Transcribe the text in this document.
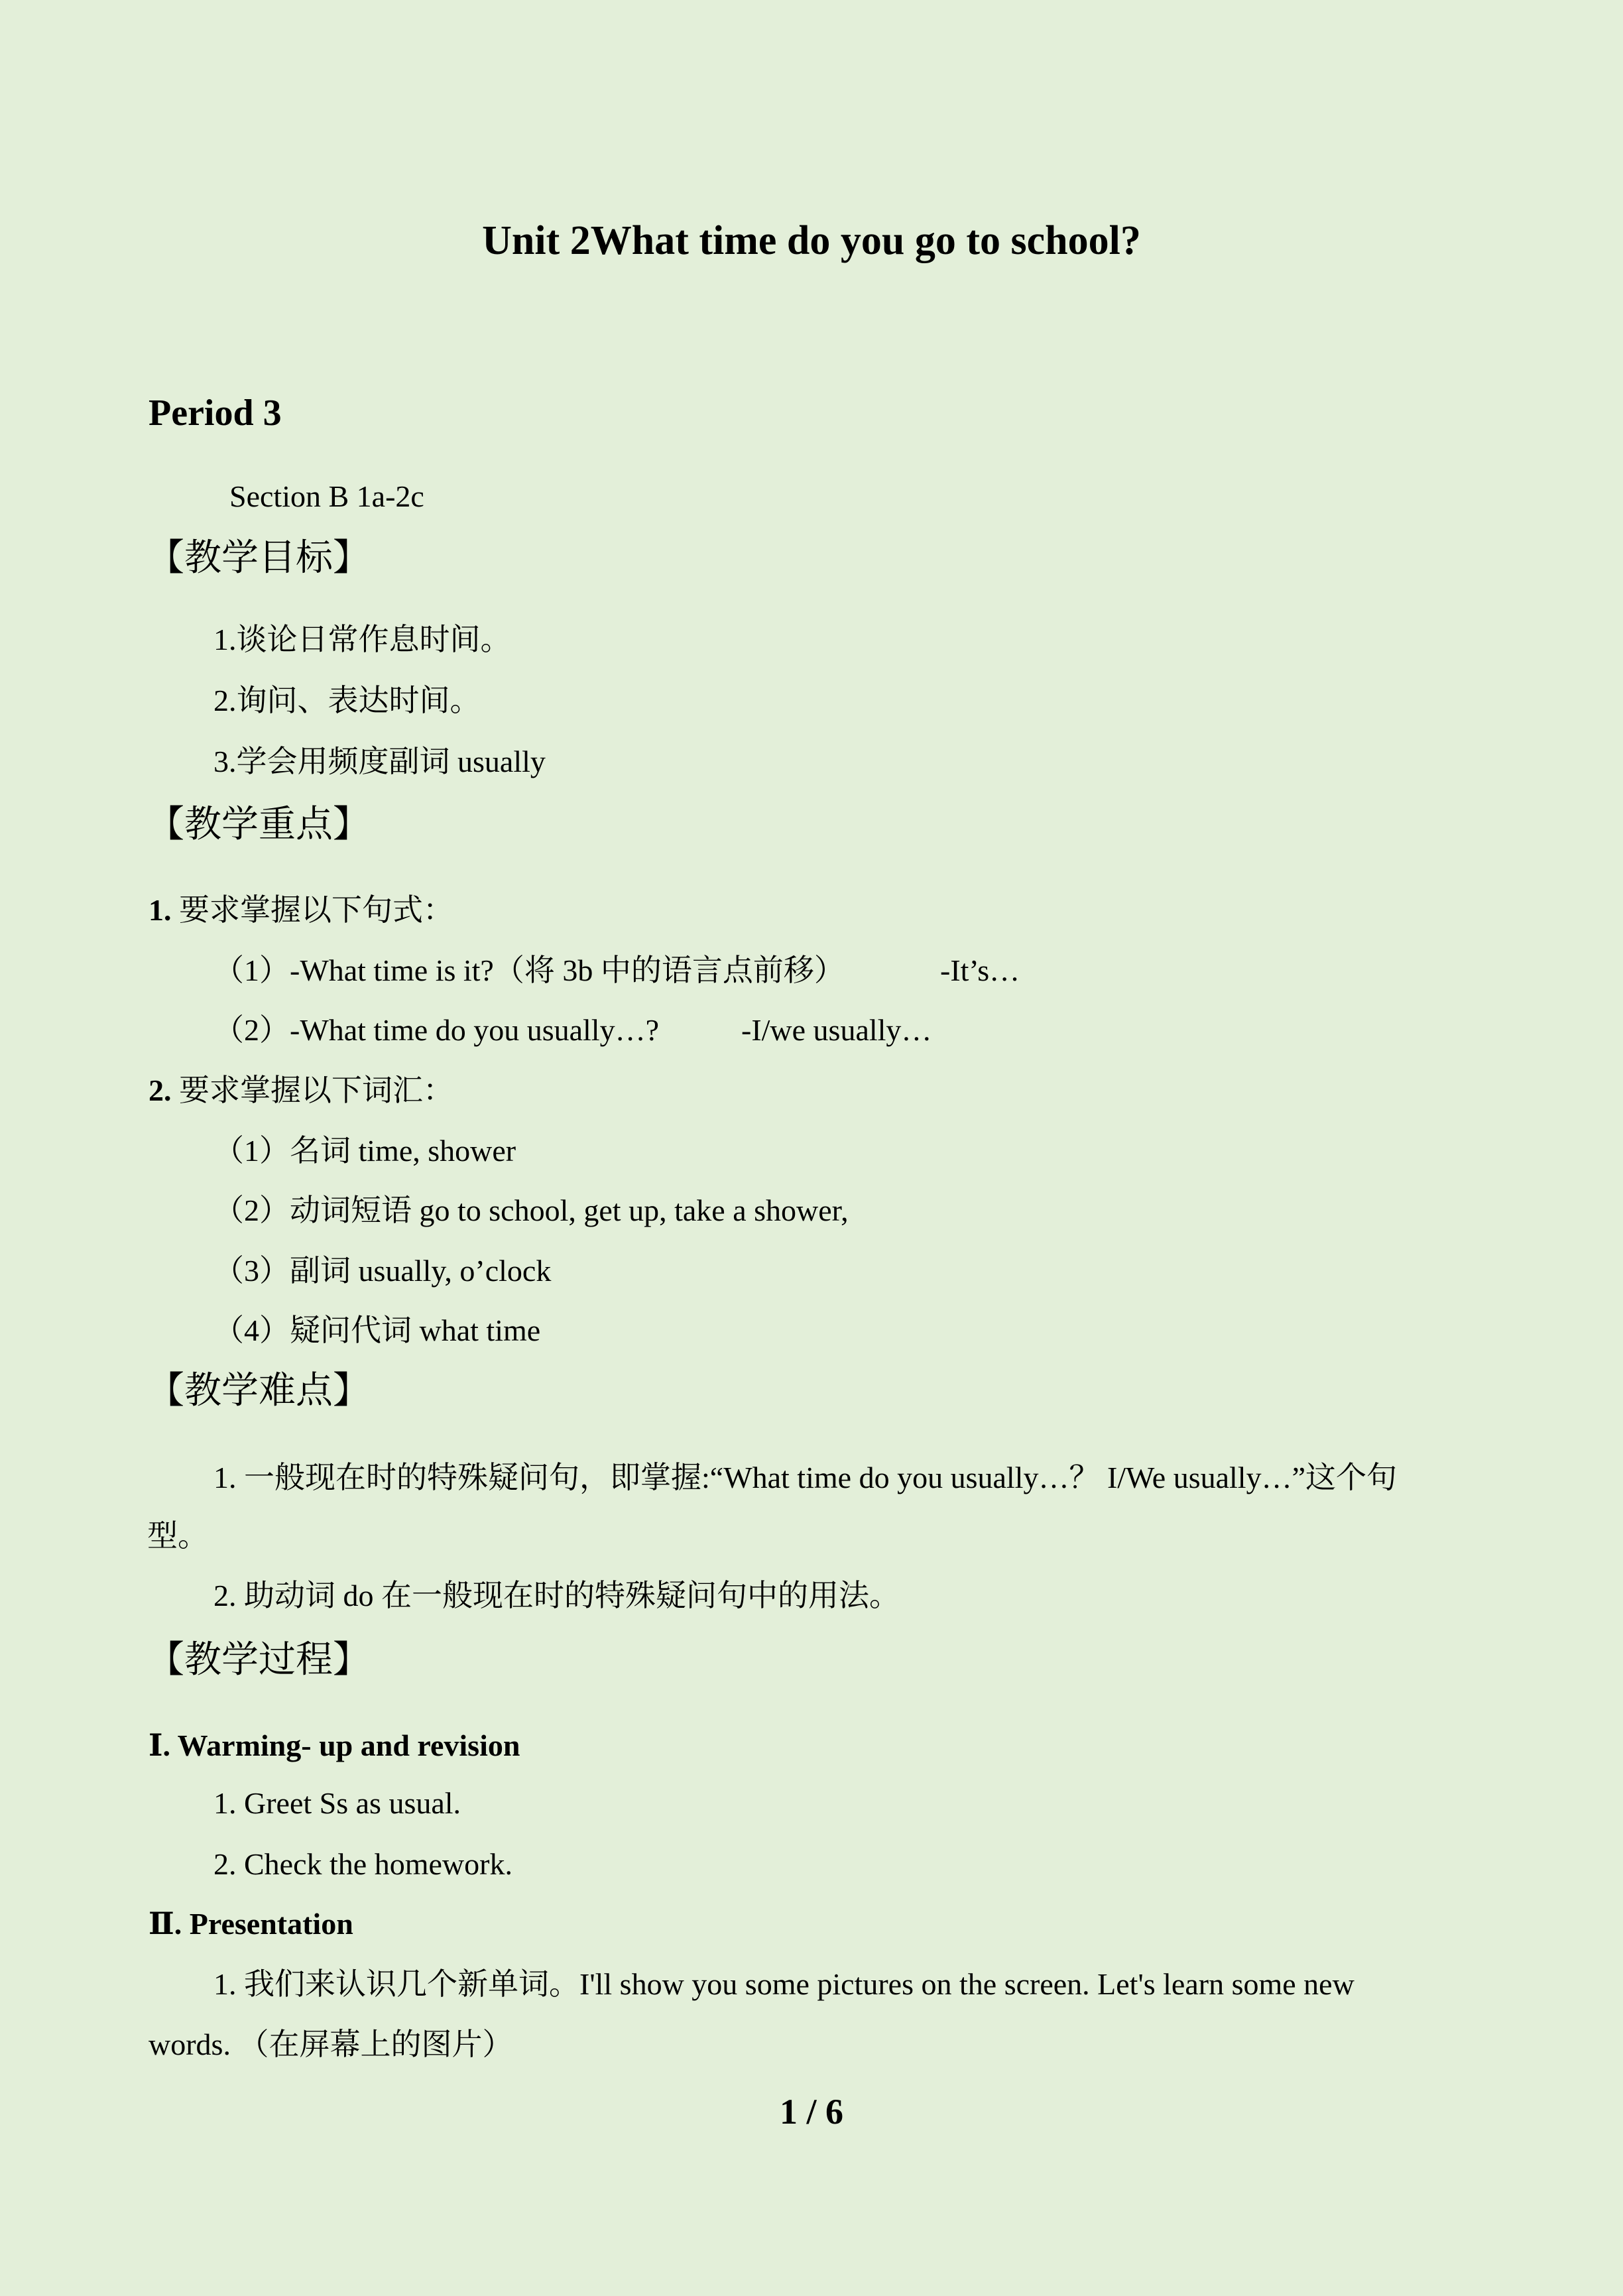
Unit 2What time do you go to school?
Period 3
Section B 1a-2c
【教学目标】
1.谈论日常作息时间。
2.询问、表达时间。
3.学会用频度副词 usually
【教学重点】
1. 要求掌握以下句式：
（1）-What time is it?（将 3b 中的语言点前移）	-It’s…
（2）-What time do you usually…?	-I/we usually…
2. 要求掌握以下词汇：
（1）名词 time, shower
（2）动词短语 go to school, get up, take a shower,
（3）副词 usually, o’clock
（4）疑问代词 what time
【教学难点】
1. 一般现在时的特殊疑问句，即掌握:“What time do you usually…？ I/We usually…”这个句
型。
2. 助动词 do 在一般现在时的特殊疑问句中的用法。
【教学过程】
Ⅰ. Warming- up and revision
1. Greet Ss as usual.
2. Check the homework.
Ⅱ. Presentation
1. 我们来认识几个新单词。I'll show you some pictures on the screen. Let's learn some new
words. （在屏幕上的图片）
1 / 6
